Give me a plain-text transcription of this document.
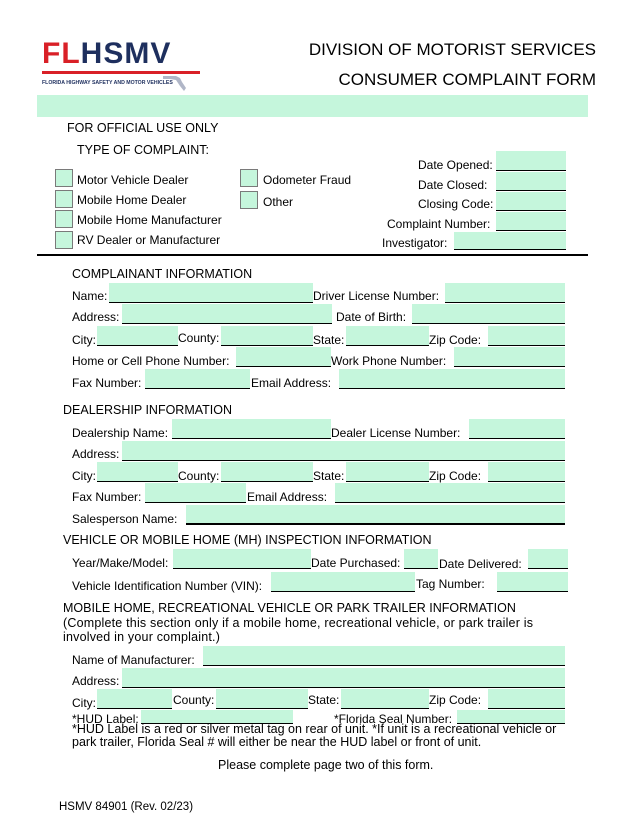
FLHSMV
FLORIDA HIGHWAY SAFETY AND MOTOR VEHICLES
DIVISION OF MOTORIST SERVICES
CONSUMER COMPLAINT FORM
FOR OFFICIAL USE ONLY
TYPE OF COMPLAINT:
Motor Vehicle Dealer
Mobile Home Dealer
Mobile Home Manufacturer
RV Dealer or Manufacturer
Odometer Fraud
Other
Date Opened:
Date Closed:
Closing Code:
Complaint Number:
Investigator:
COMPLAINANT INFORMATION
Name:	Driver License Number:
Address:	Date of Birth:
City:	County:	State:	Zip Code:
Home or Cell Phone Number:	Work Phone Number:
Fax Number:	Email Address:
DEALERSHIP INFORMATION
Dealership Name:	Dealer License Number:
Address:
City:	County:	State:	Zip Code:
Fax Number:	Email Address:
Salesperson Name:
VEHICLE OR MOBILE HOME (MH) INSPECTION INFORMATION
Year/Make/Model:	Date Purchased:	Date Delivered:
Vehicle Identification Number (VIN):	Tag Number:
MOBILE HOME, RECREATIONAL VEHICLE OR PARK TRAILER INFORMATION
(Complete this section only if a mobile home, recreational vehicle, or park trailer is
involved in your complaint.)
Name of Manufacturer:
Address:
City:	County:	State:	Zip Code:
*HUD Label:	*Florida Seal Number:
*HUD Label is a red or silver metal tag on rear of unit. *If unit is a recreational vehicle or
park trailer, Florida Seal # will either be near the HUD label or front of unit.
Please complete page two of this form.
HSMV 84901 (Rev. 02/23)
